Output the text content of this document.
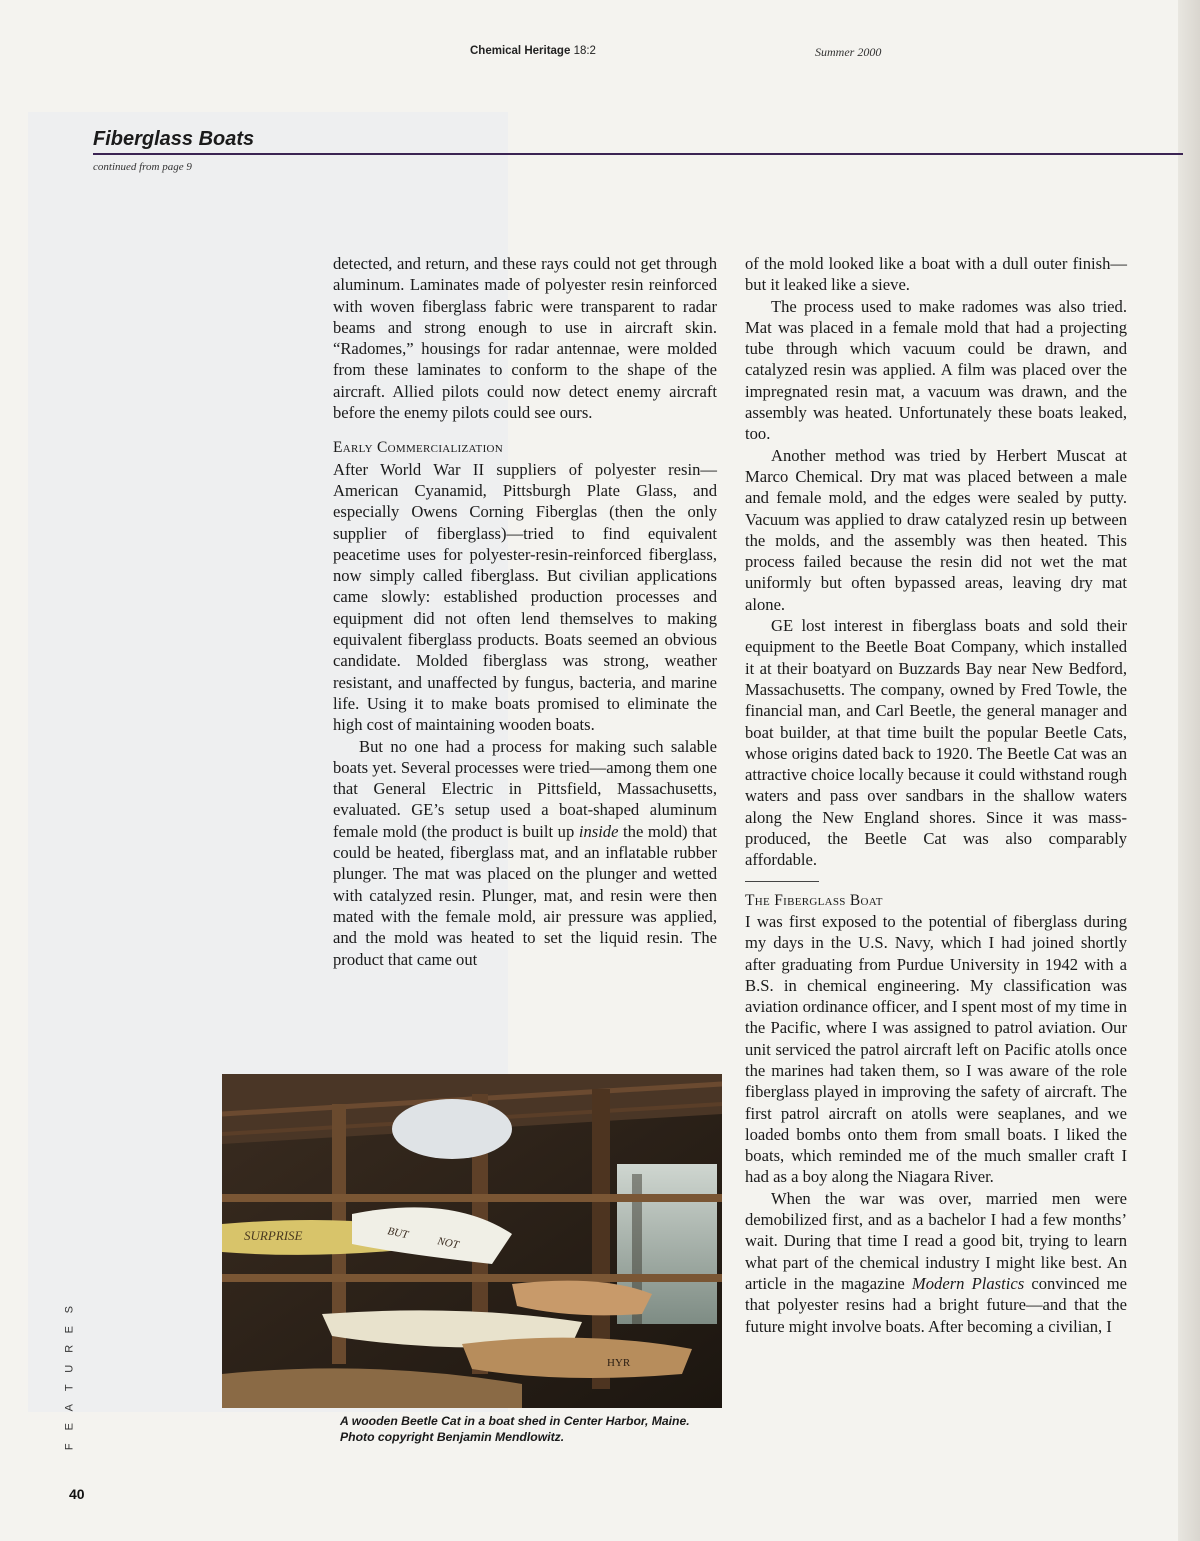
Chemical Heritage 18:2	Summer 2000
Fiberglass Boats
continued from page 9

detected, and return, and these rays could not get through aluminum. Laminates made of polyester resin reinforced with woven fiberglass fabric were transparent to radar beams and strong enough to use in aircraft skin. “Radomes,” housings for radar antennae, were molded from these laminates to conform to the shape of the aircraft. Allied pilots could now detect enemy aircraft before the enemy pilots could see ours.

Early Commercialization

After World War II suppliers of polyester resin—American Cyanamid, Pittsburgh Plate Glass, and especially Owens Corning Fiberglas (then the only supplier of fiberglass)—tried to find equivalent peacetime uses for polyester-resin-reinforced fiberglass, now simply called fiberglass. But civilian applications came slowly: established production processes and equipment did not often lend themselves to making equivalent fiberglass products. Boats seemed an obvious candidate. Molded fiberglass was strong, weather resistant, and unaffected by fungus, bacteria, and marine life. Using it to make boats promised to eliminate the high cost of maintaining wooden boats.

But no one had a process for making such salable boats yet. Several processes were tried—among them one that General Electric in Pittsfield, Massachusetts, evaluated. GE’s setup used a boat-shaped aluminum female mold (the product is built up inside the mold) that could be heated, fiberglass mat, and an inflatable rubber plunger. The mat was placed on the plunger and wetted with catalyzed resin. Plunger, mat, and resin were then mated with the female mold, air pressure was applied, and the mold was heated to set the liquid resin. The product that came out

of the mold looked like a boat with a dull outer finish—but it leaked like a sieve.

The process used to make radomes was also tried. Mat was placed in a female mold that had a projecting tube through which vacuum could be drawn, and catalyzed resin was applied. A film was placed over the impregnated resin mat, a vacuum was drawn, and the assembly was heated. Unfortunately these boats leaked, too.

Another method was tried by Herbert Muscat at Marco Chemical. Dry mat was placed between a male and female mold, and the edges were sealed by putty. Vacuum was applied to draw catalyzed resin up between the molds, and the assembly was then heated. This process failed because the resin did not wet the mat uniformly but often bypassed areas, leaving dry mat alone.

GE lost interest in fiberglass boats and sold their equipment to the Beetle Boat Company, which installed it at their boatyard on Buzzards Bay near New Bedford, Massachusetts. The company, owned by Fred Towle, the financial man, and Carl Beetle, the general manager and boat builder, at that time built the popular Beetle Cats, whose origins dated back to 1920. The Beetle Cat was an attractive choice locally because it could withstand rough waters and pass over sandbars in the shallow waters along the New England shores. Since it was mass-produced, the Beetle Cat was also comparably affordable.

The Fiberglass Boat

I was first exposed to the potential of fiberglass during my days in the U.S. Navy, which I had joined shortly after graduating from Purdue University in 1942 with a B.S. in chemical engineering. My classification was aviation ordinance officer, and I spent most of my time in the Pacific, where I was assigned to patrol aviation. Our unit serviced the patrol aircraft left on Pacific atolls once the marines had taken them, so I was aware of the role fiberglass played in improving the safety of aircraft. The first patrol aircraft on atolls were seaplanes, and we loaded bombs onto them from small boats. I liked the boats, which reminded me of the much smaller craft I had as a boy along the Niagara River.

When the war was over, married men were demobilized first, and as a bachelor I had a few months’ wait. During that time I read a good bit, trying to learn what part of the chemical industry I might like best. An article in the magazine Modern Plastics convinced me that polyester resins had a bright future—and that the future might involve boats. After becoming a civilian, I

SURPRISE	BUT
NOT
HYR
A wooden Beetle Cat in a boat shed in Center Harbor, Maine. Photo copyright Benjamin Mendlowitz.
S
E
R
U
T
A
E
F
40
